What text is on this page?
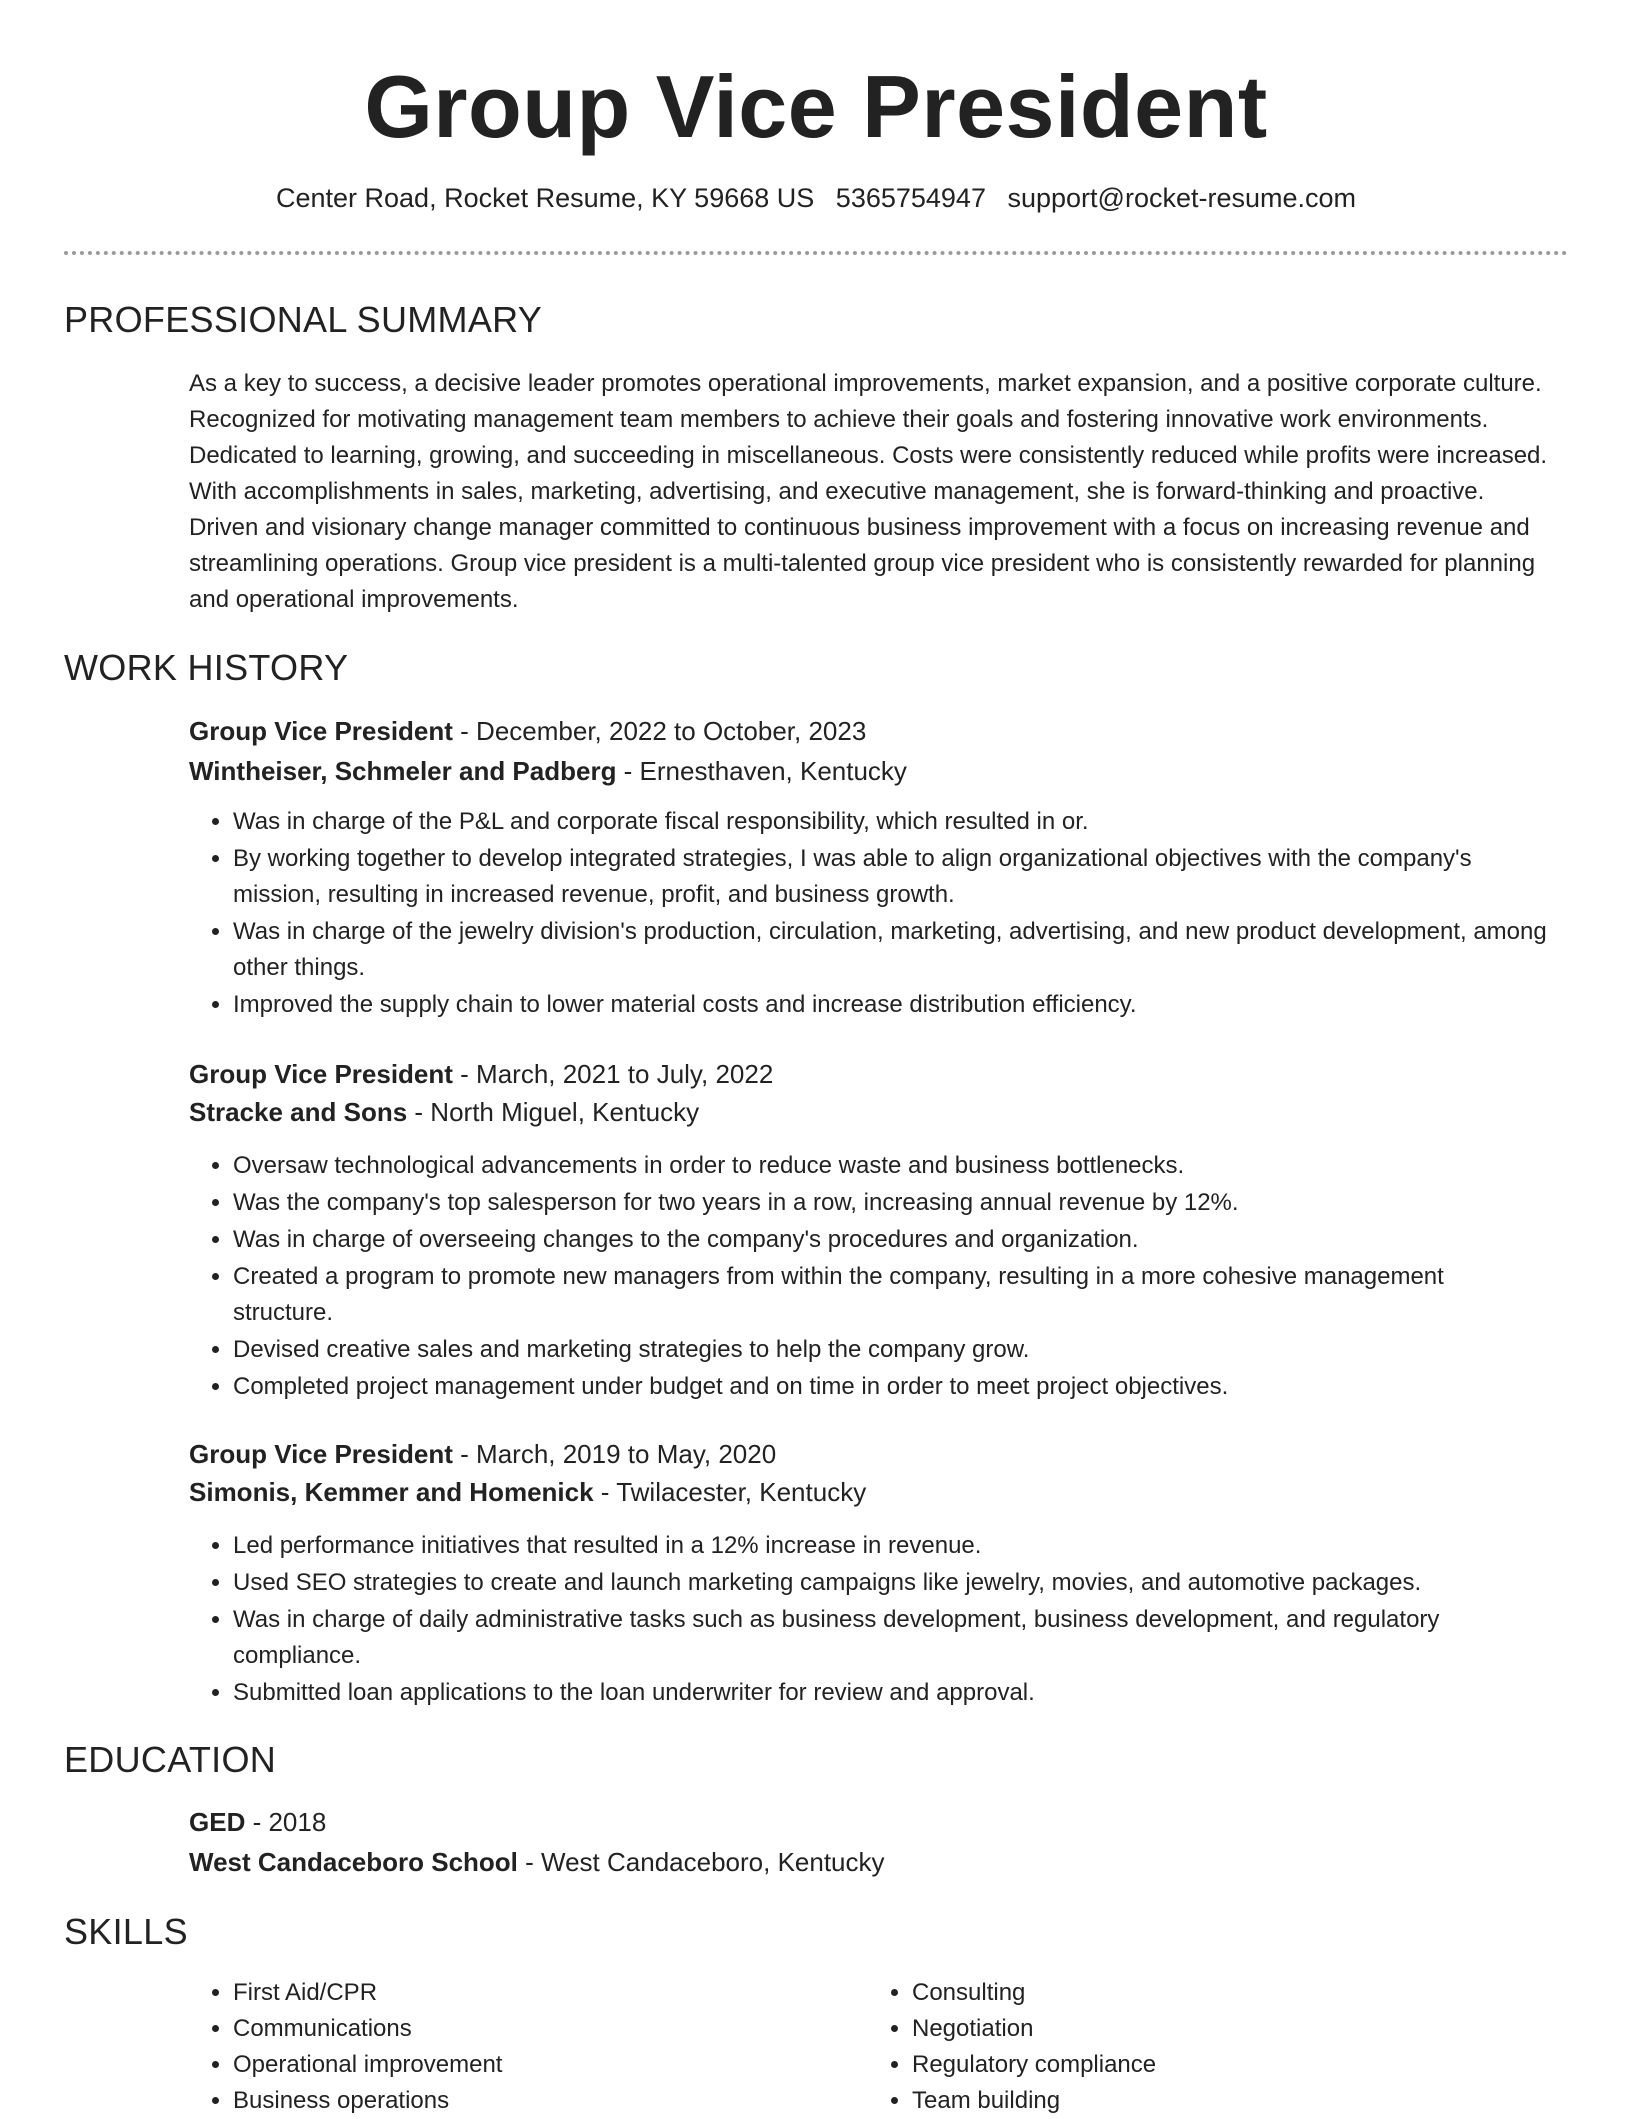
Group Vice President
Center Road, Rocket Resume, KY 59668 US 5365754947 support@rocket-resume.com
PROFESSIONAL SUMMARY
As a key to success, a decisive leader promotes operational improvements, market expansion, and a positive corporate culture. Recognized for motivating management team members to achieve their goals and fostering innovative work environments. Dedicated to learning, growing, and succeeding in miscellaneous. Costs were consistently reduced while profits were increased. With accomplishments in sales, marketing, advertising, and executive management, she is forward-thinking and proactive. Driven and visionary change manager committed to continuous business improvement with a focus on increasing revenue and streamlining operations. Group vice president is a multi-talented group vice president who is consistently rewarded for planning and operational improvements.
WORK HISTORY
Group Vice President - December, 2022 to October, 2023
Wintheiser, Schmeler and Padberg - Ernesthaven, Kentucky
• Was in charge of the P&L and corporate fiscal responsibility, which resulted in or.
• By working together to develop integrated strategies, I was able to align organizational objectives with the company's mission, resulting in increased revenue, profit, and business growth.
• Was in charge of the jewelry division's production, circulation, marketing, advertising, and new product development, among other things.
• Improved the supply chain to lower material costs and increase distribution efficiency.
Group Vice President - March, 2021 to July, 2022
Stracke and Sons - North Miguel, Kentucky
• Oversaw technological advancements in order to reduce waste and business bottlenecks.
• Was the company's top salesperson for two years in a row, increasing annual revenue by 12%.
• Was in charge of overseeing changes to the company's procedures and organization.
• Created a program to promote new managers from within the company, resulting in a more cohesive management structure.
• Devised creative sales and marketing strategies to help the company grow.
• Completed project management under budget and on time in order to meet project objectives.
Group Vice President - March, 2019 to May, 2020
Simonis, Kemmer and Homenick - Twilacester, Kentucky
• Led performance initiatives that resulted in a 12% increase in revenue.
• Used SEO strategies to create and launch marketing campaigns like jewelry, movies, and automotive packages.
• Was in charge of daily administrative tasks such as business development, business development, and regulatory compliance.
• Submitted loan applications to the loan underwriter for review and approval.
EDUCATION
GED - 2018
West Candaceboro School - West Candaceboro, Kentucky
SKILLS
• First Aid/CPR
• Communications
• Operational improvement
• Business operations
• Consulting
• Negotiation
• Regulatory compliance
• Team building
